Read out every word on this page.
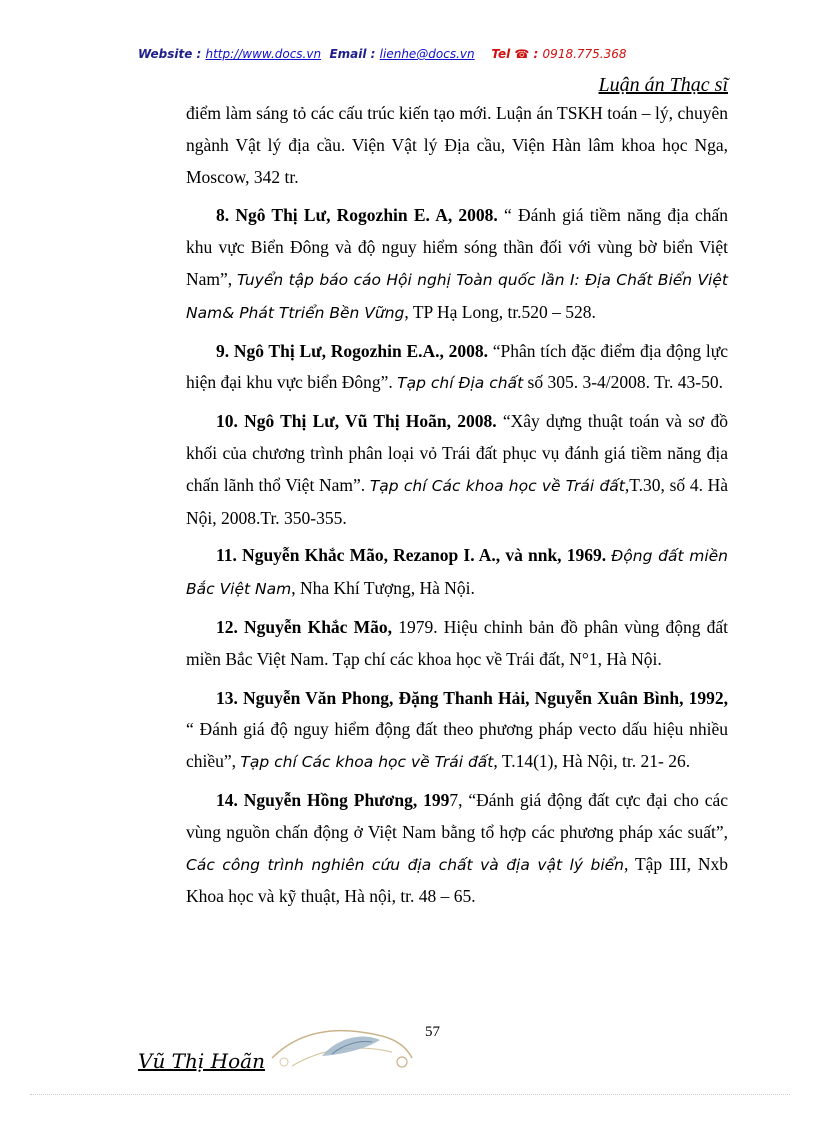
Website : http://www.docs.vn Email : lienhe@docs.vn Tel ☎ : 0918.775.368
Luận án Thạc sĩ

điểm làm sáng tỏ các cấu trúc kiến tạo mới. Luận án TSKH toán – lý, chuyên ngành Vật lý địa cầu. Viện Vật lý Địa cầu, Viện Hàn lâm khoa học Nga, Moscow, 342 tr.

8. Ngô Thị Lư, Rogozhin E. A, 2008. “ Đánh giá tiềm năng địa chấn khu vực Biển Đông và độ nguy hiểm sóng thần đối với vùng bờ biển Việt Nam”, Tuyển tập báo cáo Hội nghị Toàn quốc lần I: Địa Chất Biển Việt Nam& Phát Ttriển Bền Vững, TP Hạ Long, tr.520 – 528.

9. Ngô Thị Lư, Rogozhin E.A., 2008. “Phân tích đặc điểm địa động lực hiện đại khu vực biển Đông”. Tạp chí Địa chất số 305. 3-4/2008. Tr. 43-50.

10. Ngô Thị Lư, Vũ Thị Hoãn, 2008. “Xây dựng thuật toán và sơ đồ khối của chương trình phân loại vỏ Trái đất phục vụ đánh giá tiềm năng địa chấn lãnh thổ Việt Nam”. Tạp chí Các khoa học về Trái đất,T.30, số 4. Hà Nội, 2008.Tr. 350-355.

11. Nguyễn Khắc Mão, Rezanop I. A., và nnk, 1969. Động đất miền Bắc Việt Nam, Nha Khí Tượng, Hà Nội.

12. Nguyễn Khắc Mão, 1979. Hiệu chỉnh bản đồ phân vùng động đất miền Bắc Việt Nam. Tạp chí các khoa học về Trái đất, N°1, Hà Nội.

13. Nguyễn Văn Phong, Đặng Thanh Hải, Nguyễn Xuân Bình, 1992, “ Đánh giá độ nguy hiểm động đất theo phương pháp vecto dấu hiệu nhiều chiều”, Tạp chí Các khoa học về Trái đất, T.14(1), Hà Nội, tr. 21- 26.

14. Nguyễn Hồng Phương, 1997, “Đánh giá động đất cực đại cho các vùng nguồn chấn động ở Việt Nam bằng tổ hợp các phương pháp xác suất”, Các công trình nghiên cứu địa chất và địa vật lý biển, Tập III, Nxb Khoa học và kỹ thuật, Hà nội, tr. 48 – 65.

57
Vũ Thị Hoãn
